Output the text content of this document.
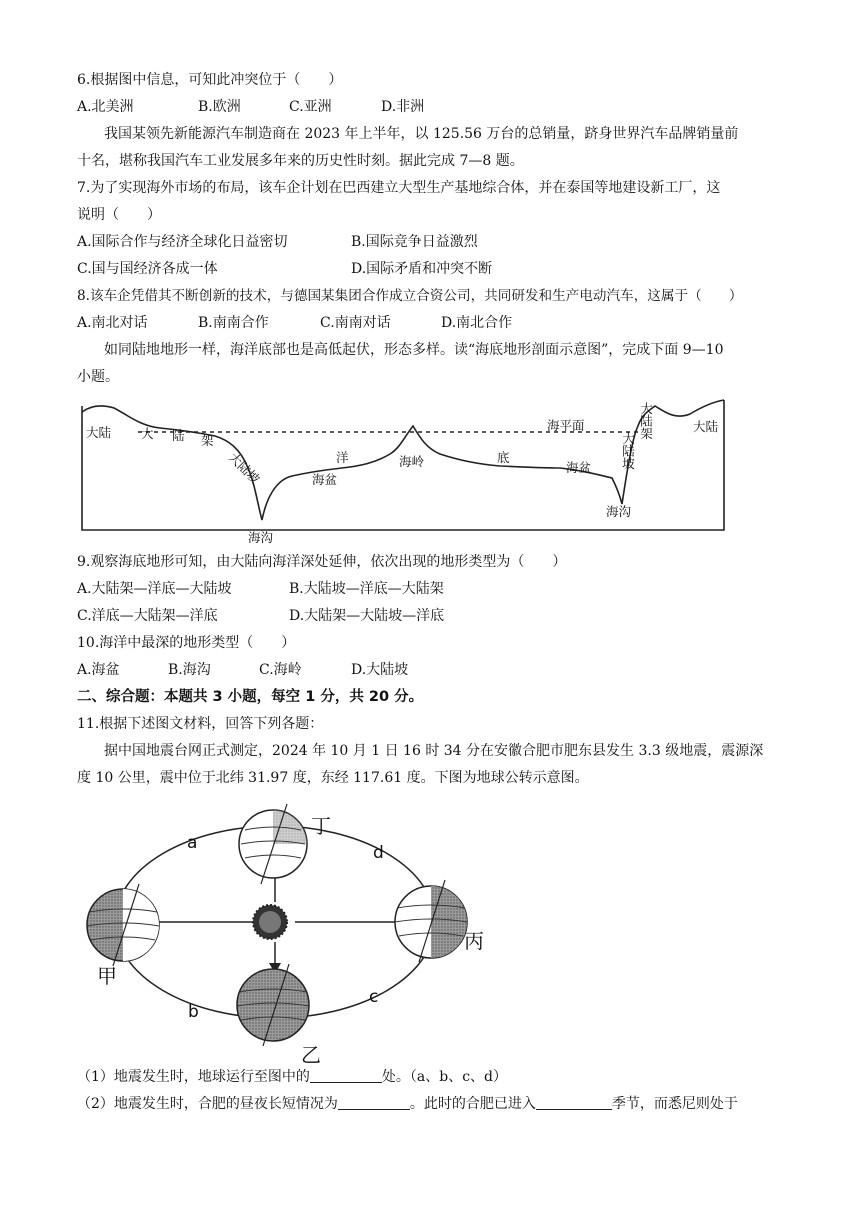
6.根据图中信息，可知此冲突位于（　　）
A.北美洲	B.欧洲	C.亚洲	D.非洲
我国某领先新能源汽车制造商在 2023 年上半年，以 125.56 万台的总销量，跻身世界汽车品牌销量前
十名，堪称我国汽车工业发展多年来的历史性时刻。据此完成 7—8 题。
7.为了实现海外市场的布局，该车企计划在巴西建立大型生产基地综合体，并在泰国等地建设新工厂，这
说明（　　）
A.国际合作与经济全球化日益密切	B.国际竞争日益激烈
C.国与国经济各成一体	D.国际矛盾和冲突不断
8.该车企凭借其不断创新的技术，与德国某集团合作成立合资公司，共同研发和生产电动汽车，这属于（　　）
A.南北对话	B.南南合作	C.南南对话	D.南北合作
如同陆地地形一样，海洋底部也是高低起伏，形态多样。读“海底地形剖面示意图”，完成下面 9—10
小题。
大陆 大 陆 架
大陆坡
海平面
洋	底
海盆
海岭	海盆
海沟
海沟
大陆架
大陆坡
大陆
9.观察海底地形可知，由大陆向海洋深处延伸，依次出现的地形类型为（　　）
A.大陆架—洋底—大陆坡	B.大陆坡—洋底—大陆架
C.洋底—大陆架—洋底	D.大陆架—大陆坡—洋底
10.海洋中最深的地形类型（　　）
A.海盆	B.海沟	C.海岭	D.大陆坡
二、综合题：本题共 3 小题，每空 1 分，共 20 分。
11.根据下述图文材料，回答下列各题：
据中国地震台网正式测定，2024 年 10 月 1 日 16 时 34 分在安徽合肥市肥东县发生 3.3 级地震，震源深
度 10 公里，震中位于北纬 31.97 度，东经 117.61 度。下图为地球公转示意图。
丁
甲
丙
乙
a
b
c
d
（1）地震发生时，地球运行至图中的	处。（a、b、c、d）
（2）地震发生时，合肥的昼夜长短情况为	。此时的合肥已进入	季节，而悉尼则处于
